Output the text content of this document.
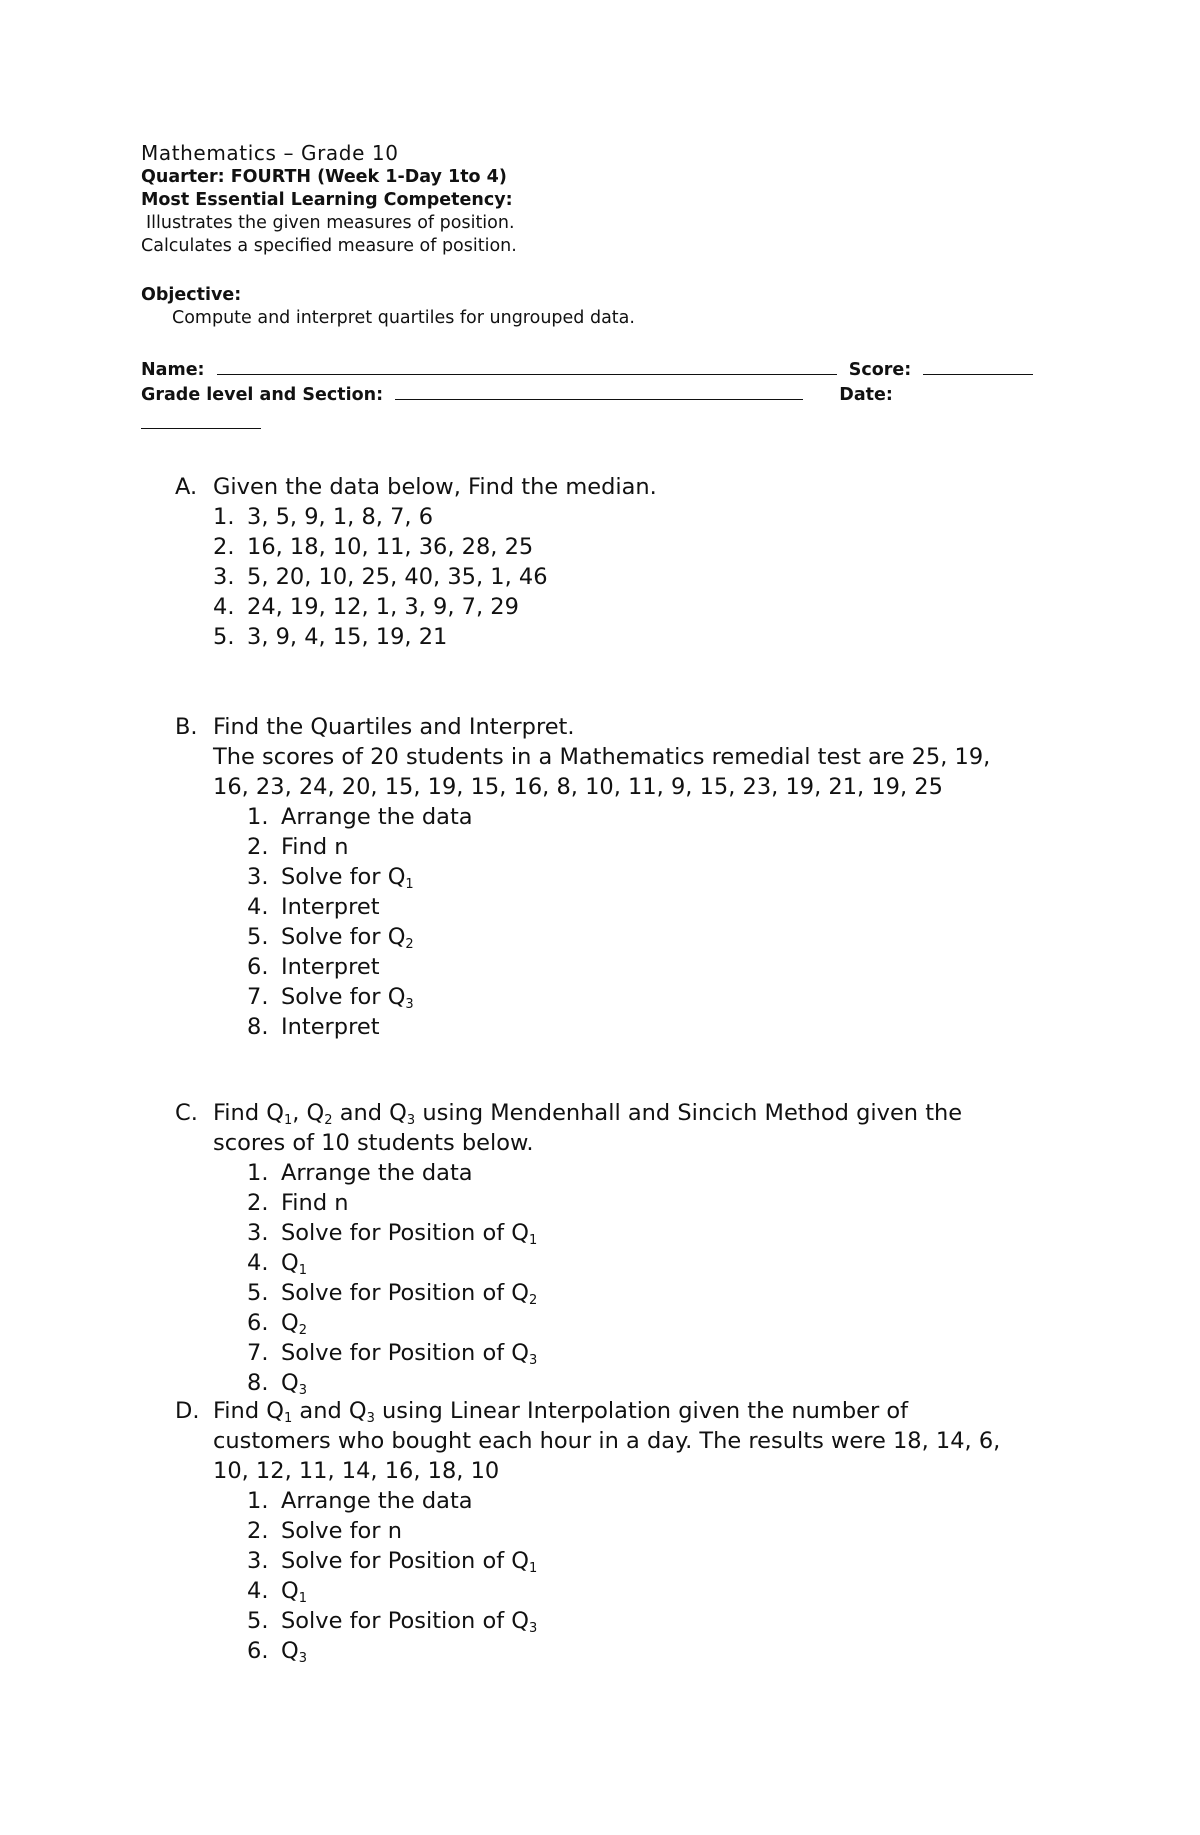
Mathematics – Grade 10
Quarter: FOURTH (Week 1-Day 1to 4)
Most Essential Learning Competency:
Illustrates the given measures of position.
Calculates a specified measure of position.
Objective:
Compute and interpret quartiles for ungrouped data.
Name:	Score:
Grade level and Section:	Date:
A. Given the data below, Find the median.
1. 3, 5, 9, 1, 8, 7, 6
2. 16, 18, 10, 11, 36, 28, 25
3. 5, 20, 10, 25, 40, 35, 1, 46
4. 24, 19, 12, 1, 3, 9, 7, 29
5. 3, 9, 4, 15, 19, 21
B. Find the Quartiles and Interpret.
The scores of 20 students in a Mathematics remedial test are 25, 19,
16, 23, 24, 20, 15, 19, 15, 16, 8, 10, 11, 9, 15, 23, 19, 21, 19, 25
1. Arrange the data
2. Find n
3. Solve for $Q_1$
4. Interpret
5. Solve for $Q_2$
6. Interpret
7. Solve for $Q_3$
8. Interpret
C. Find $Q_1$, $Q_2$ and $Q_3$ using Mendenhall and Sincich Method given the
scores of 10 students below.
1. Arrange the data
2. Find n
3. Solve for Position of $Q_1$
4. $Q_1$
5. Solve for Position of $Q_2$
6. $Q_2$
7. Solve for Position of $Q_3$
8. $Q_3$
D. Find $Q_1$ and $Q_3$ using Linear Interpolation given the number of
customers who bought each hour in a day. The results were 18, 14, 6,
10, 12, 11, 14, 16, 18, 10
1. Arrange the data
2. Solve for n
3. Solve for Position of $Q_1$
4. $Q_1$
5. Solve for Position of $Q_3$
6. $Q_3$
